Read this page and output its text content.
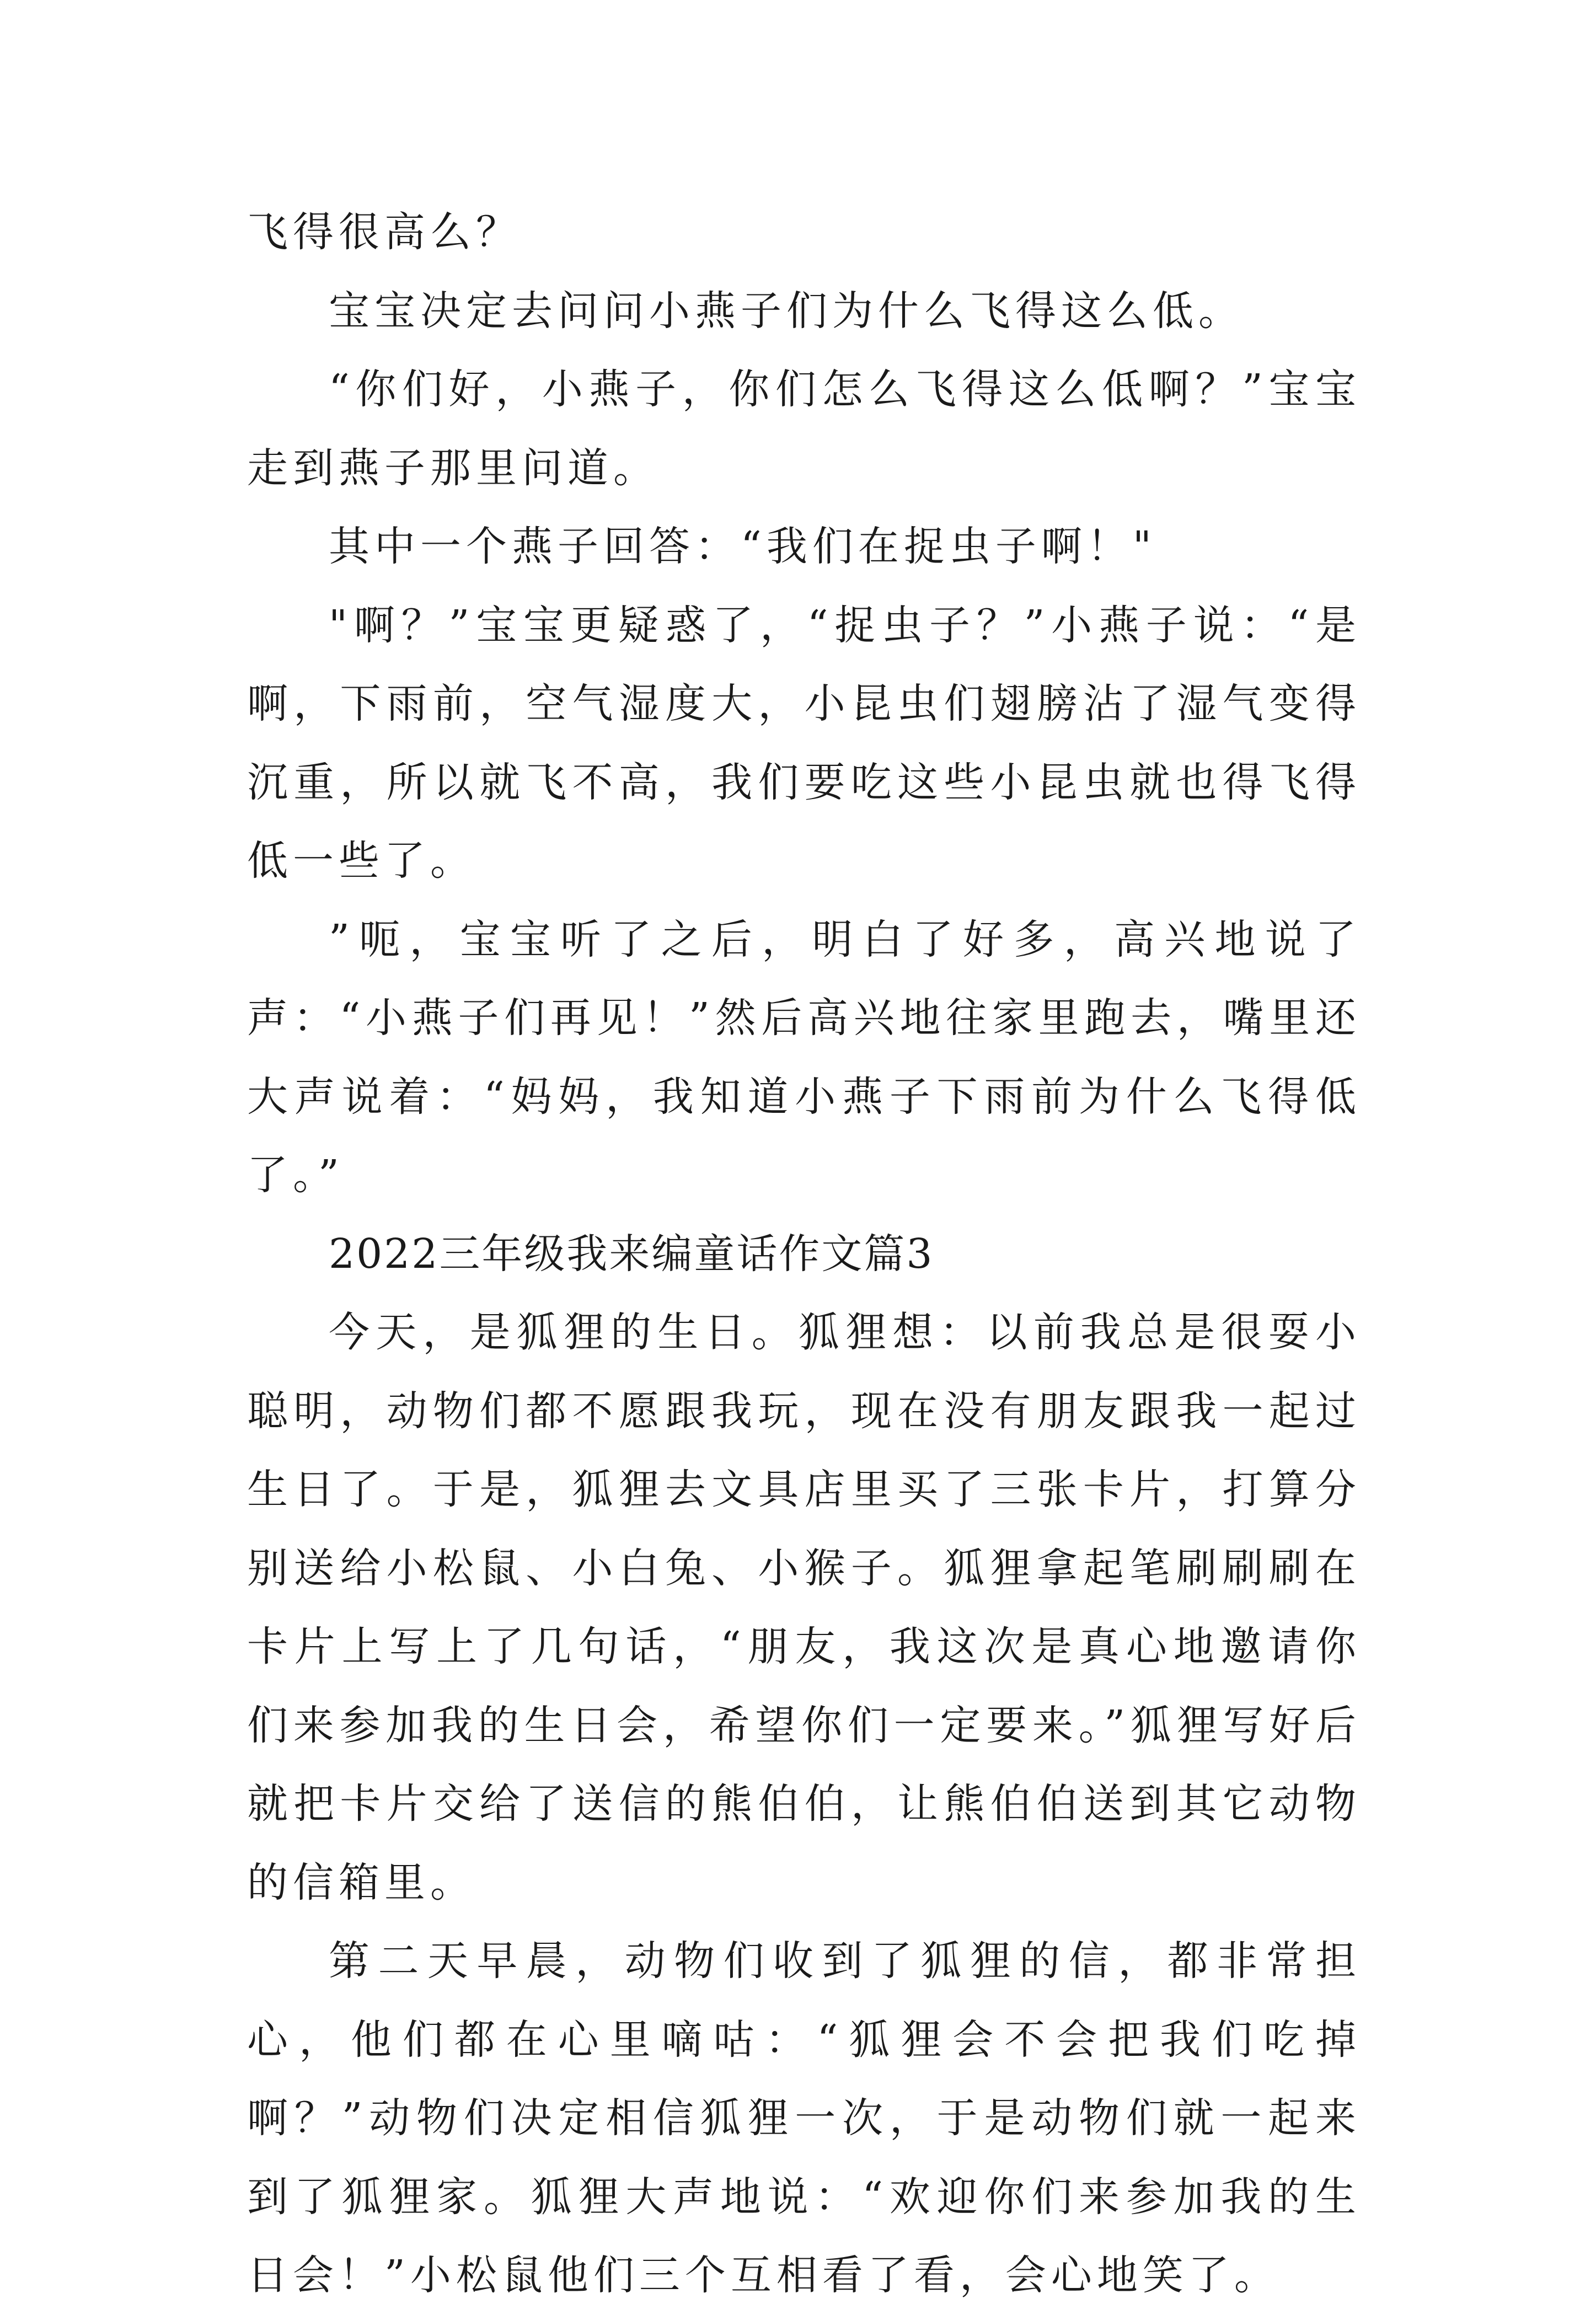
飞得很高么？

宝宝决定去问问小燕子们为什么飞得这么低。

“你们好，小燕子，你们怎么飞得这么低啊？”宝宝走到燕子那里问道。

其中一个燕子回答：“我们在捉虫子啊！"

"啊？”宝宝更疑惑了，“捉虫子？”小燕子说：“是啊，下雨前，空气湿度大，小昆虫们翅膀沾了湿气变得沉重，所以就飞不高，我们要吃这些小昆虫就也得飞得低一些了。

”呃，宝宝听了之后，明白了好多，高兴地说了声：“小燕子们再见！”然后高兴地往家里跑去，嘴里还大声说着：“妈妈，我知道小燕子下雨前为什么飞得低了。”

2022三年级我来编童话作文篇3

今天，是狐狸的生日。狐狸想：以前我总是很耍小聪明，动物们都不愿跟我玩，现在没有朋友跟我一起过生日了。于是，狐狸去文具店里买了三张卡片，打算分别送给小松鼠、小白兔、小猴子。狐狸拿起笔刷刷刷在卡片上写上了几句话，“朋友，我这次是真心地邀请你们来参加我的生日会，希望你们一定要来。”狐狸写好后就把卡片交给了送信的熊伯伯，让熊伯伯送到其它动物的信箱里。

第二天早晨，动物们收到了狐狸的信，都非常担心，他们都在心里嘀咕：“狐狸会不会把我们吃掉啊？”动物们决定相信狐狸一次，于是动物们就一起来到了狐狸家。狐狸大声地说：“欢迎你们来参加我的生日会！”小松鼠他们三个互相看了看，会心地笑了。
